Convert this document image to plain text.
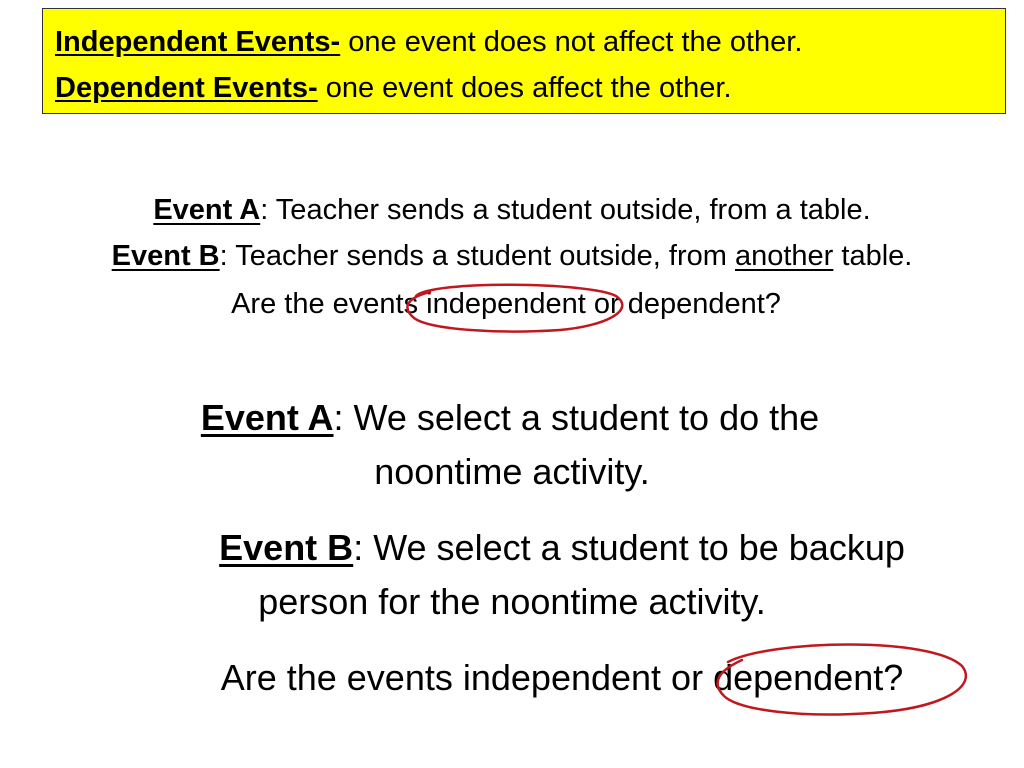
Independent Events- one event does not affect the other.
Dependent Events- one event does affect the other.
Event A: Teacher sends a student outside, from a table.
Event B: Teacher sends a student outside, from another table.
Are the events independent or dependent?
Event A: We select a student to do the
noontime activity.
Event B: We select a student to be backup
person for the noontime activity.
Are the events independent or dependent?
